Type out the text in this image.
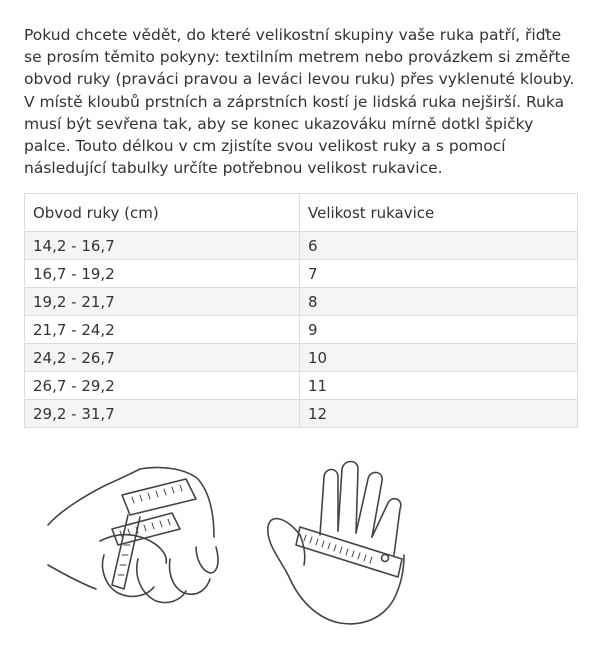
Pokud chcete vědět, do které velikostní skupiny vaše ruka patří, řiďte se prosím těmito pokyny: textilním metrem nebo provázkem si změřte obvod ruky (praváci pravou a leváci levou ruku) přes vyklenuté klouby. V místě kloubů prstních a záprstních kostí je lidská ruka nejširší. Ruka musí být sevřena tak, aby se konec ukazováku mírně dotkl špičky palce. Touto délkou v cm zjistíte svou velikost ruky a s pomocí následující tabulky určíte potřebnou velikost rukavice.

Obvod ruky (cm)	Velikost rukavice
14,2 - 16,7	6
16,7 - 19,2	7
19,2 - 21,7	8
21,7 - 24,2	9
24,2 - 26,7	10
26,7 - 29,2	11
29,2 - 31,7	12
